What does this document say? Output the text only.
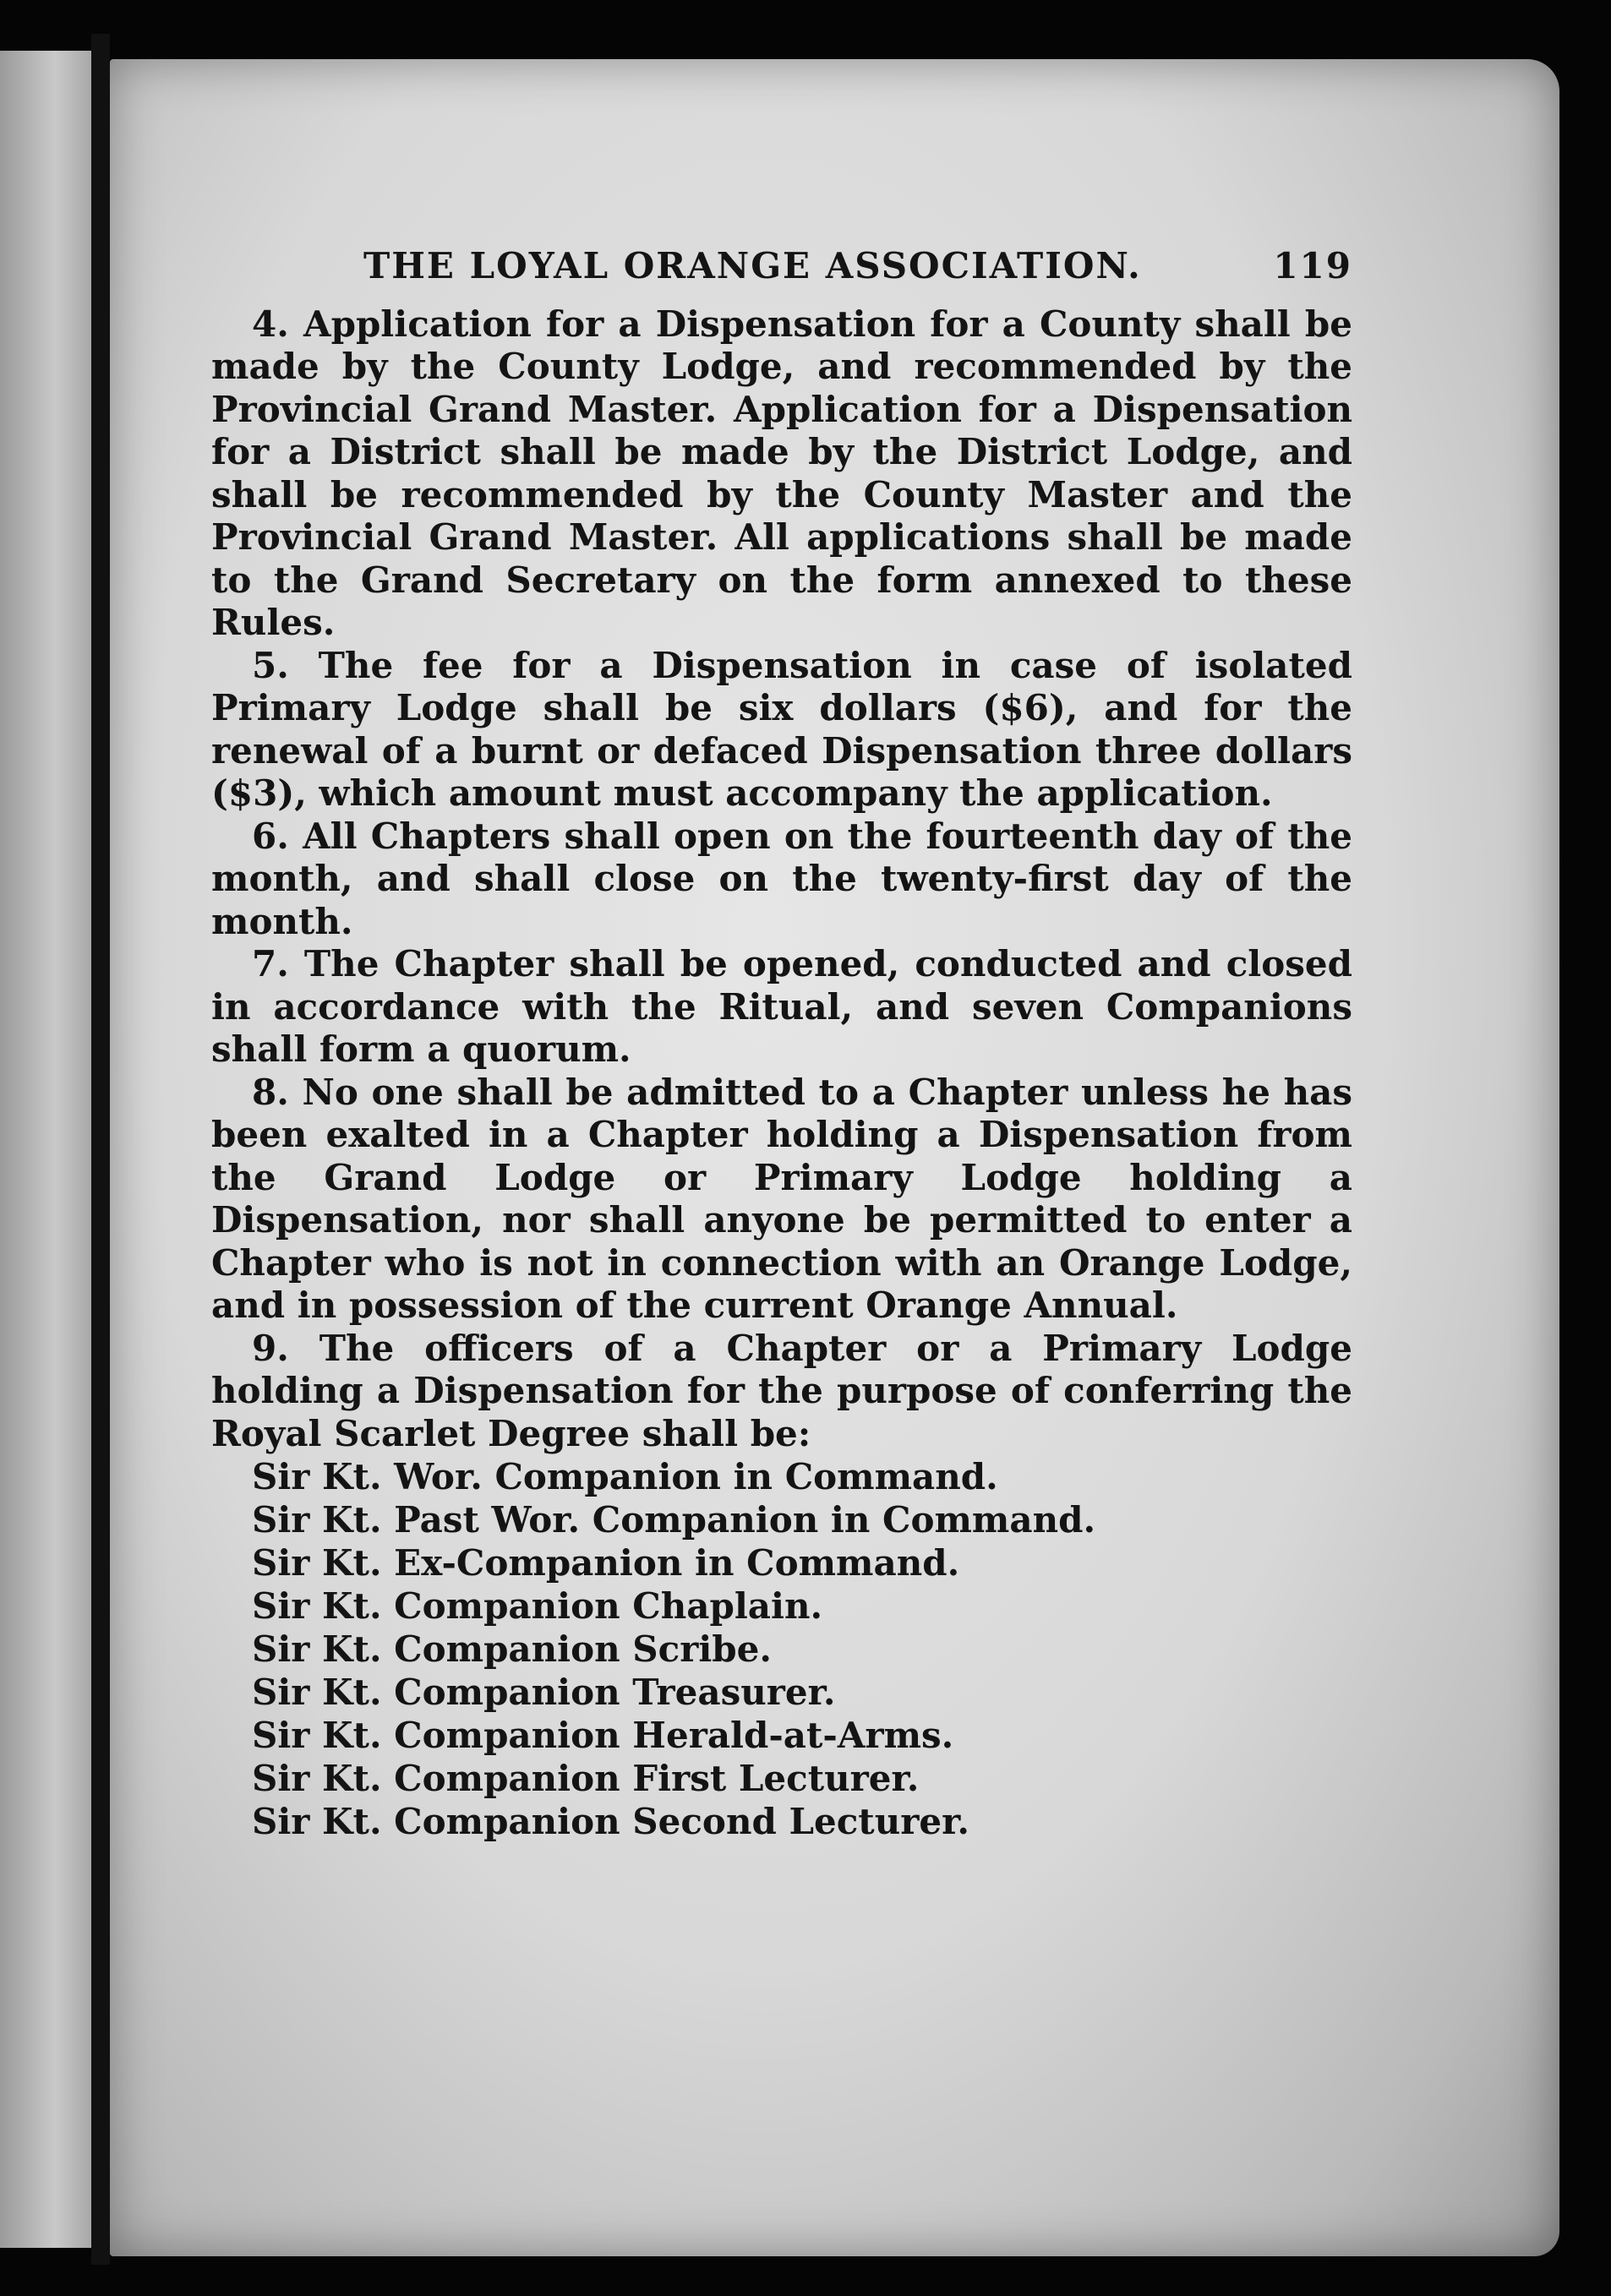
THE LOYAL ORANGE ASSOCIATION.	119

4. Application for a Dispensation for a County shall be made by the County Lodge, and recommended by the Provincial Grand Master. Application for a Dispensation for a District shall be made by the District Lodge, and shall be recommended by the County Master and the Provincial Grand Master. All applications shall be made to the Grand Secretary on the form annexed to these Rules.

5. The fee for a Dispensation in case of isolated Primary Lodge shall be six dollars ($6), and for the renewal of a burnt or defaced Dispensation three dollars ($3), which amount must accompany the application.

6. All Chapters shall open on the fourteenth day of the month, and shall close on the twenty-first day of the month.

7. The Chapter shall be opened, conducted and closed in accordance with the Ritual, and seven Companions shall form a quorum.

8. No one shall be admitted to a Chapter unless he has been exalted in a Chapter holding a Dispensation from the Grand Lodge or Primary Lodge holding a Dispensation, nor shall anyone be permitted to enter a Chapter who is not in connection with an Orange Lodge, and in possession of the current Orange Annual.

9. The officers of a Chapter or a Primary Lodge holding a Dispensation for the purpose of conferring the Royal Scarlet Degree shall be:

Sir Kt. Wor. Companion in Command.
Sir Kt. Past Wor. Companion in Command.
Sir Kt. Ex-Companion in Command.
Sir Kt. Companion Chaplain.
Sir Kt. Companion Scribe.
Sir Kt. Companion Treasurer.
Sir Kt. Companion Herald-at-Arms.
Sir Kt. Companion First Lecturer.
Sir Kt. Companion Second Lecturer.
